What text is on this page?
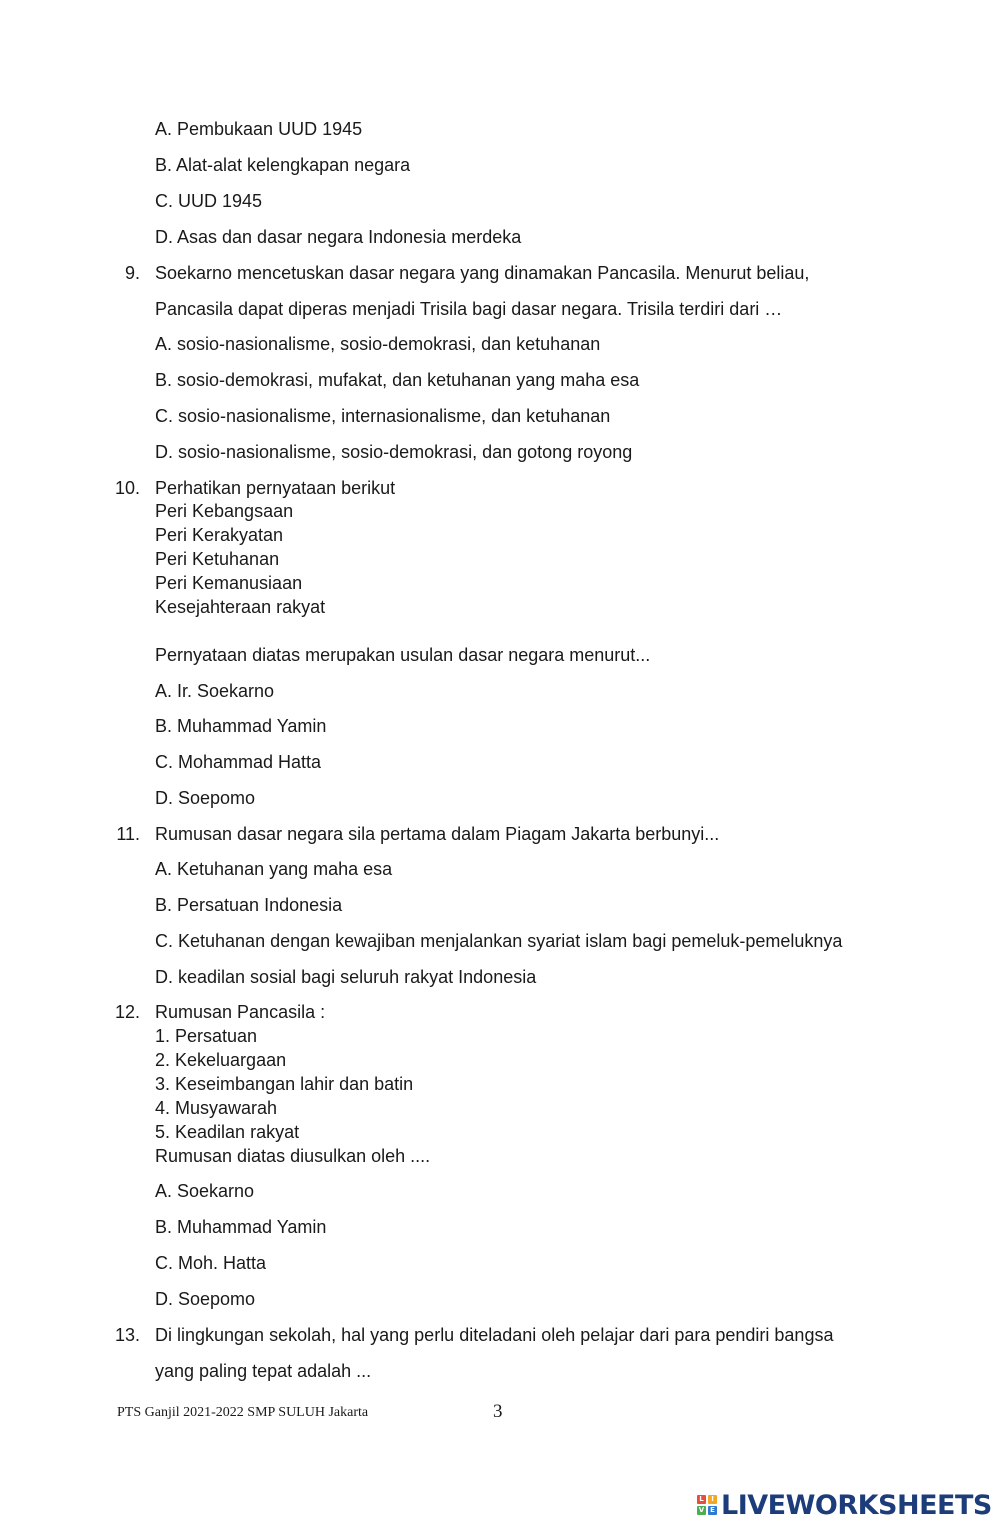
A. Pembukaan UUD 1945
B. Alat-alat kelengkapan negara
C. UUD 1945
D. Asas dan dasar negara Indonesia merdeka
9. Soekarno mencetuskan dasar negara yang dinamakan Pancasila. Menurut beliau,
Pancasila dapat diperas menjadi Trisila bagi dasar negara. Trisila terdiri dari …
A. sosio-nasionalisme, sosio-demokrasi, dan ketuhanan
B. sosio-demokrasi, mufakat, dan ketuhanan yang maha esa
C. sosio-nasionalisme, internasionalisme, dan ketuhanan
D. sosio-nasionalisme, sosio-demokrasi, dan gotong royong
10. Perhatikan pernyataan berikut
Peri Kebangsaan
Peri Kerakyatan
Peri Ketuhanan
Peri Kemanusiaan
Kesejahteraan rakyat
Pernyataan diatas merupakan usulan dasar negara menurut...
A. Ir. Soekarno
B. Muhammad Yamin
C. Mohammad Hatta
D. Soepomo
11. Rumusan dasar negara sila pertama dalam Piagam Jakarta berbunyi...
A. Ketuhanan yang maha esa
B. Persatuan Indonesia
C. Ketuhanan dengan kewajiban menjalankan syariat islam bagi pemeluk-pemeluknya
D. keadilan sosial bagi seluruh rakyat Indonesia
12. Rumusan Pancasila :
1. Persatuan
2. Kekeluargaan
3. Keseimbangan lahir dan batin
4. Musyawarah
5. Keadilan rakyat
Rumusan diatas diusulkan oleh ....
A. Soekarno
B. Muhammad Yamin
C. Moh. Hatta
D. Soepomo
13. Di lingkungan sekolah, hal yang perlu diteladani oleh pelajar dari para pendiri bangsa
yang paling tepat adalah ...
PTS Ganjil 2021-2022 SMP SULUH Jakarta	3
L	I
V E LIVEWORKSHEETS
